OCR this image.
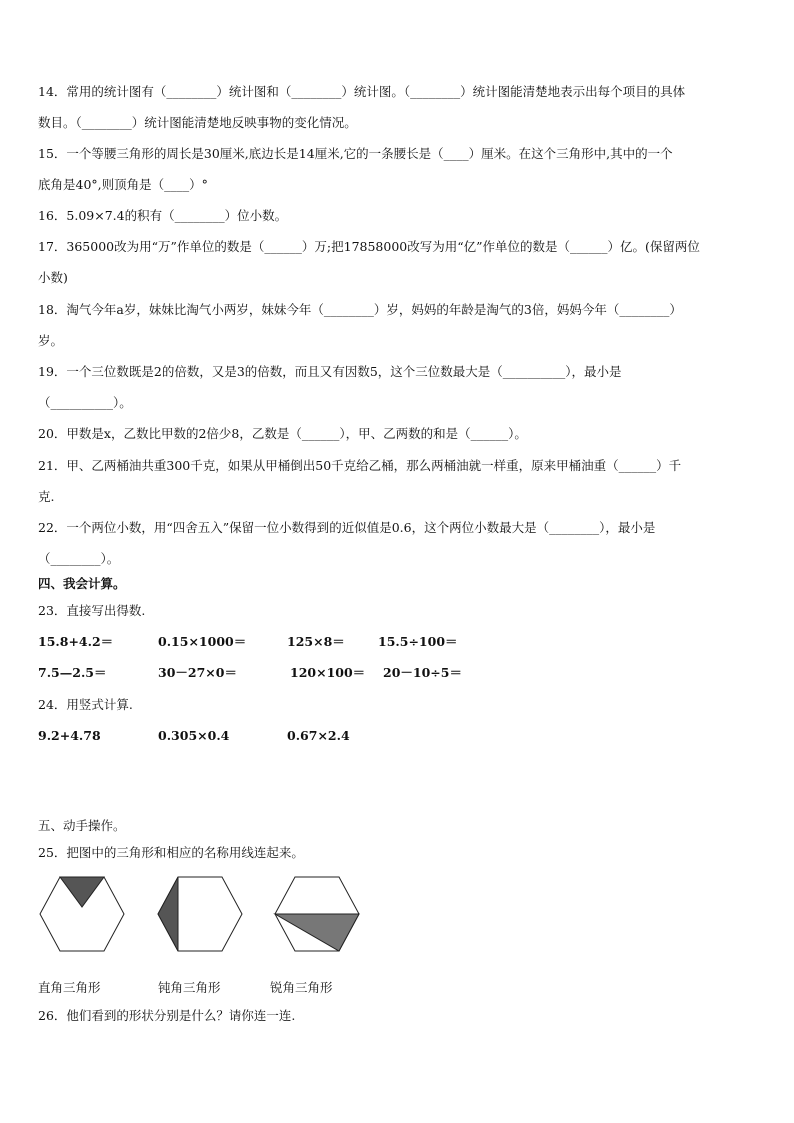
14．常用的统计图有（________）统计图和（________）统计图。（________）统计图能清楚地表示出每个项目的具体
数目。（________）统计图能清楚地反映事物的变化情况。
15．一个等腰三角形的周长是30厘米,底边长是14厘米,它的一条腰长是（____）厘米。在这个三角形中,其中的一个
底角是40°,则顶角是（____）°
16．5.09×7.4的积有（________）位小数。
17．365000改为用“万”作单位的数是（______）万;把17858000改写为用“亿”作单位的数是（______）亿。(保留两位
小数)
18．淘气今年a岁，妹妹比淘气小两岁，妹妹今年（________）岁，妈妈的年龄是淘气的3倍，妈妈今年（________）
岁。
19．一个三位数既是2的倍数，又是3的倍数，而且又有因数5，这个三位数最大是（__________），最小是
（__________）。
20．甲数是x，乙数比甲数的2倍少8，乙数是（______），甲、乙两数的和是（______）。
21．甲、乙两桶油共重300千克，如果从甲桶倒出50千克给乙桶，那么两桶油就一样重，原来甲桶油重（______）千
克.
22．一个两位小数，用“四舍五入”保留一位小数得到的近似值是0.6，这个两位小数最大是（________），最小是
（________）。
四、我会计算。
23．直接写出得数.
15.8+4.2＝	0.15×1000＝	125×8＝	15.5÷100＝
7.5—2.5＝	30－27×0＝	120×100＝ 20－10÷5＝
24．用竖式计算.
9.2+4.78	0.305×0.4	0.67×2.4
五、动手操作。
25．把图中的三角形和相应的名称用线连起来。
直角三角形	钝角三角形	锐角三角形
26．他们看到的形状分别是什么？请你连一连.
